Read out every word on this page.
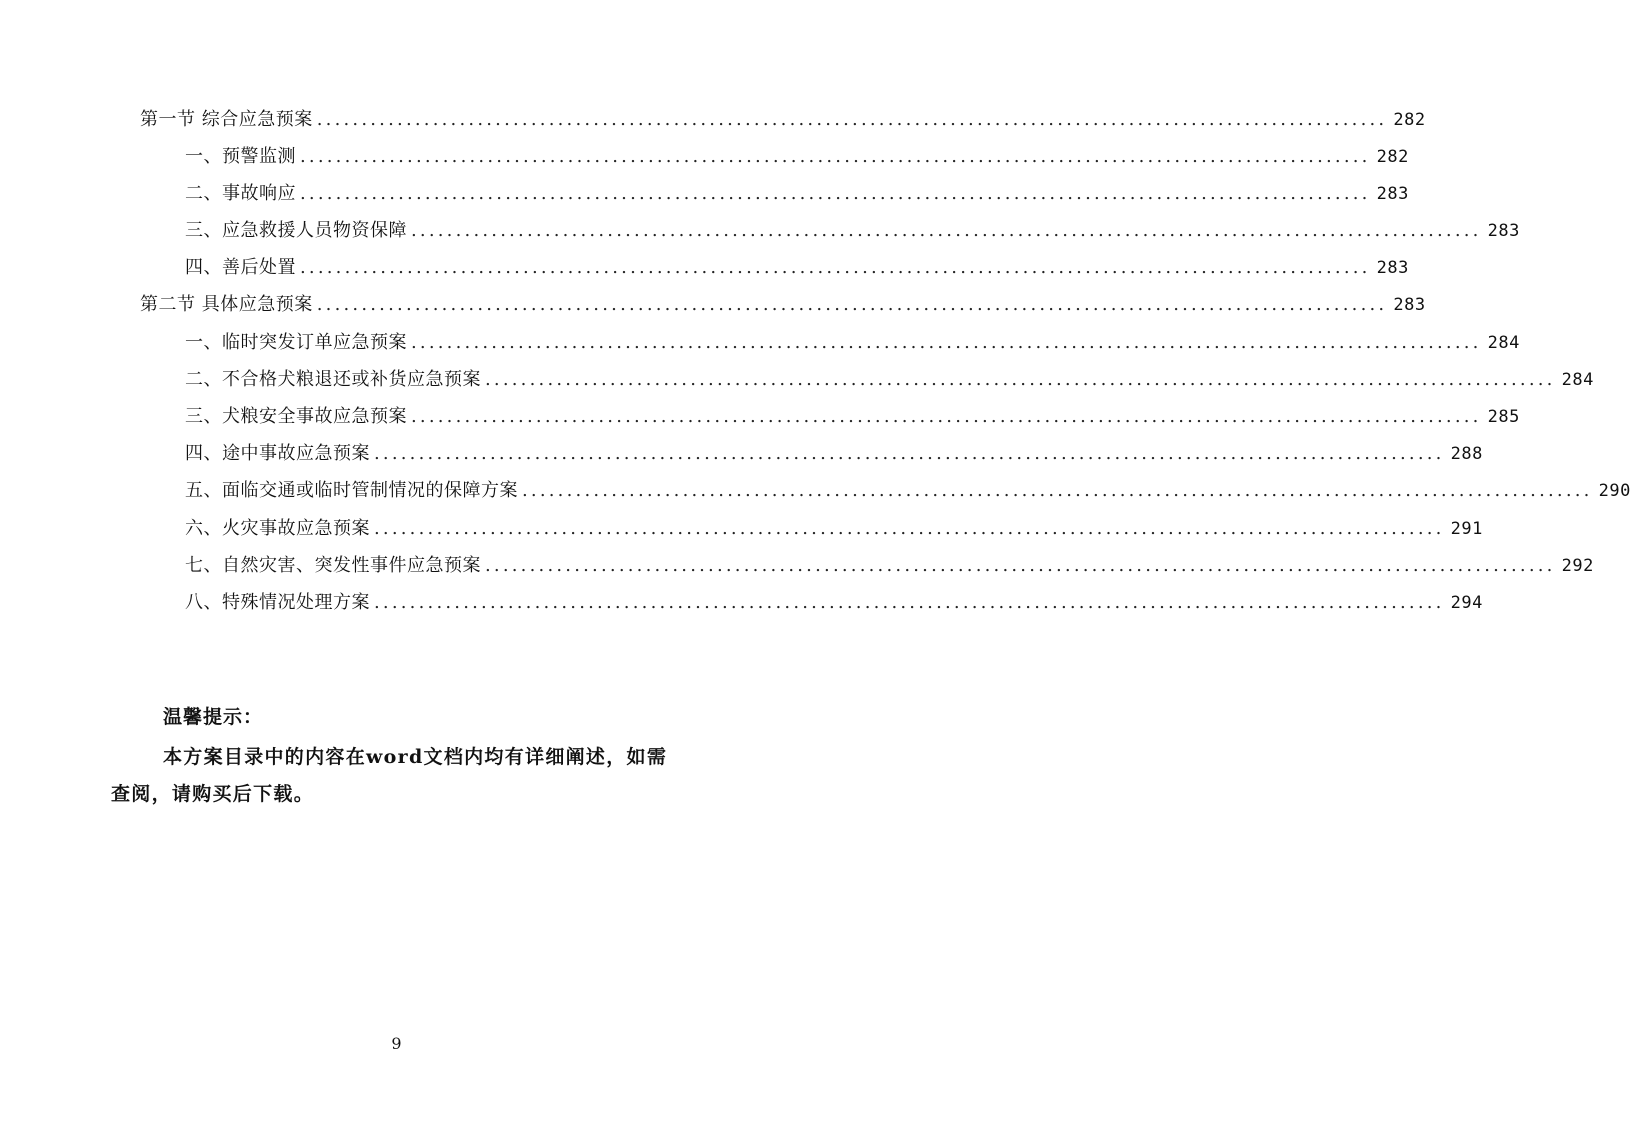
第一节 综合应急预案 ........................................................................................................................ 282
一、预警监测 ........................................................................................................................ 282
二、事故响应 ........................................................................................................................ 283
三、应急救援人员物资保障 ........................................................................................................................ 283
四、善后处置 ........................................................................................................................ 283
第二节 具体应急预案 ........................................................................................................................ 283
一、临时突发订单应急预案 ........................................................................................................................ 284
二、不合格犬粮退还或补货应急预案 ........................................................................................................................ 284
三、犬粮安全事故应急预案 ........................................................................................................................ 285
四、途中事故应急预案 ........................................................................................................................ 288
五、面临交通或临时管制情况的保障方案 ........................................................................................................................ 290
六、火灾事故应急预案 ........................................................................................................................ 291
七、自然灾害、突发性事件应急预案 ........................................................................................................................ 292
八、特殊情况处理方案 ........................................................................................................................ 294
温馨提示：
本方案目录中的内容在word文档内均有详细阐述，如需查阅，请购买后下载。
9
